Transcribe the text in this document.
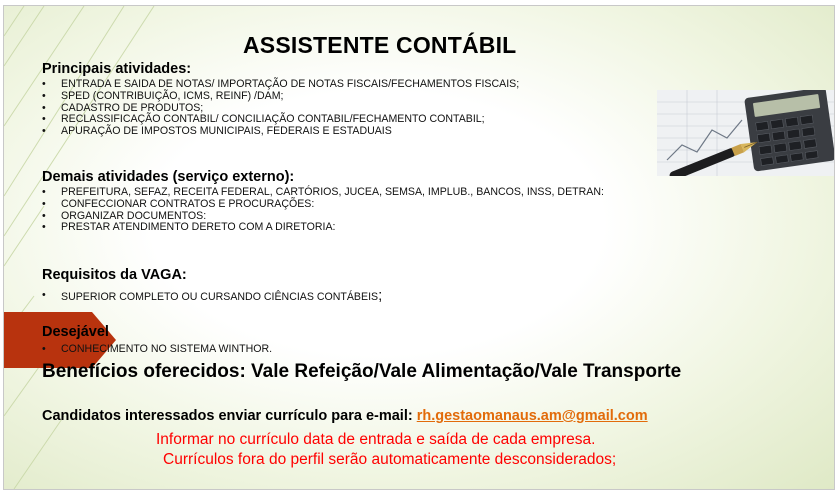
ASSISTENTE CONTÁBIL
Principais atividades:
• ENTRADA E SAIDA DE NOTAS/ IMPORTAÇÃO DE NOTAS FISCAIS/FECHAMENTOS FISCAIS;
• SPED (CONTRIBUIÇÃO, ICMS, REINF) /DAM;
• CADASTRO DE PRODUTOS;
• RECLASSIFICAÇÃO CONTABIL/ CONCILIAÇÃO CONTABIL/FECHAMENTO CONTABIL;
• APURAÇÃO DE IMPOSTOS MUNICIPAIS, FEDERAIS E ESTADUAIS
Demais atividades (serviço externo):
• PREFEITURA, SEFAZ, RECEITA FEDERAL, CARTÓRIOS, JUCEA, SEMSA, IMPLUB., BANCOS, INSS, DETRAN:
• CONFECCIONAR CONTRATOS E PROCURAÇÕES:
• ORGANIZAR DOCUMENTOS:
• PRESTAR ATENDIMENTO DERETO COM A DIRETORIA:
Requisitos da VAGA:
• SUPERIOR COMPLETO OU CURSANDO CIÊNCIAS CONTÁBEIS;
Desejável
• CONHECIMENTO NO SISTEMA WINTHOR.
Benefícios oferecidos: Vale Refeição/Vale Alimentação/Vale Transporte
Candidatos interessados enviar currículo para e-mail: rh.gestaomanaus.am@gmail.com
Informar no currículo data de entrada e saída de cada empresa.
Currículos fora do perfil serão automaticamente desconsiderados;
